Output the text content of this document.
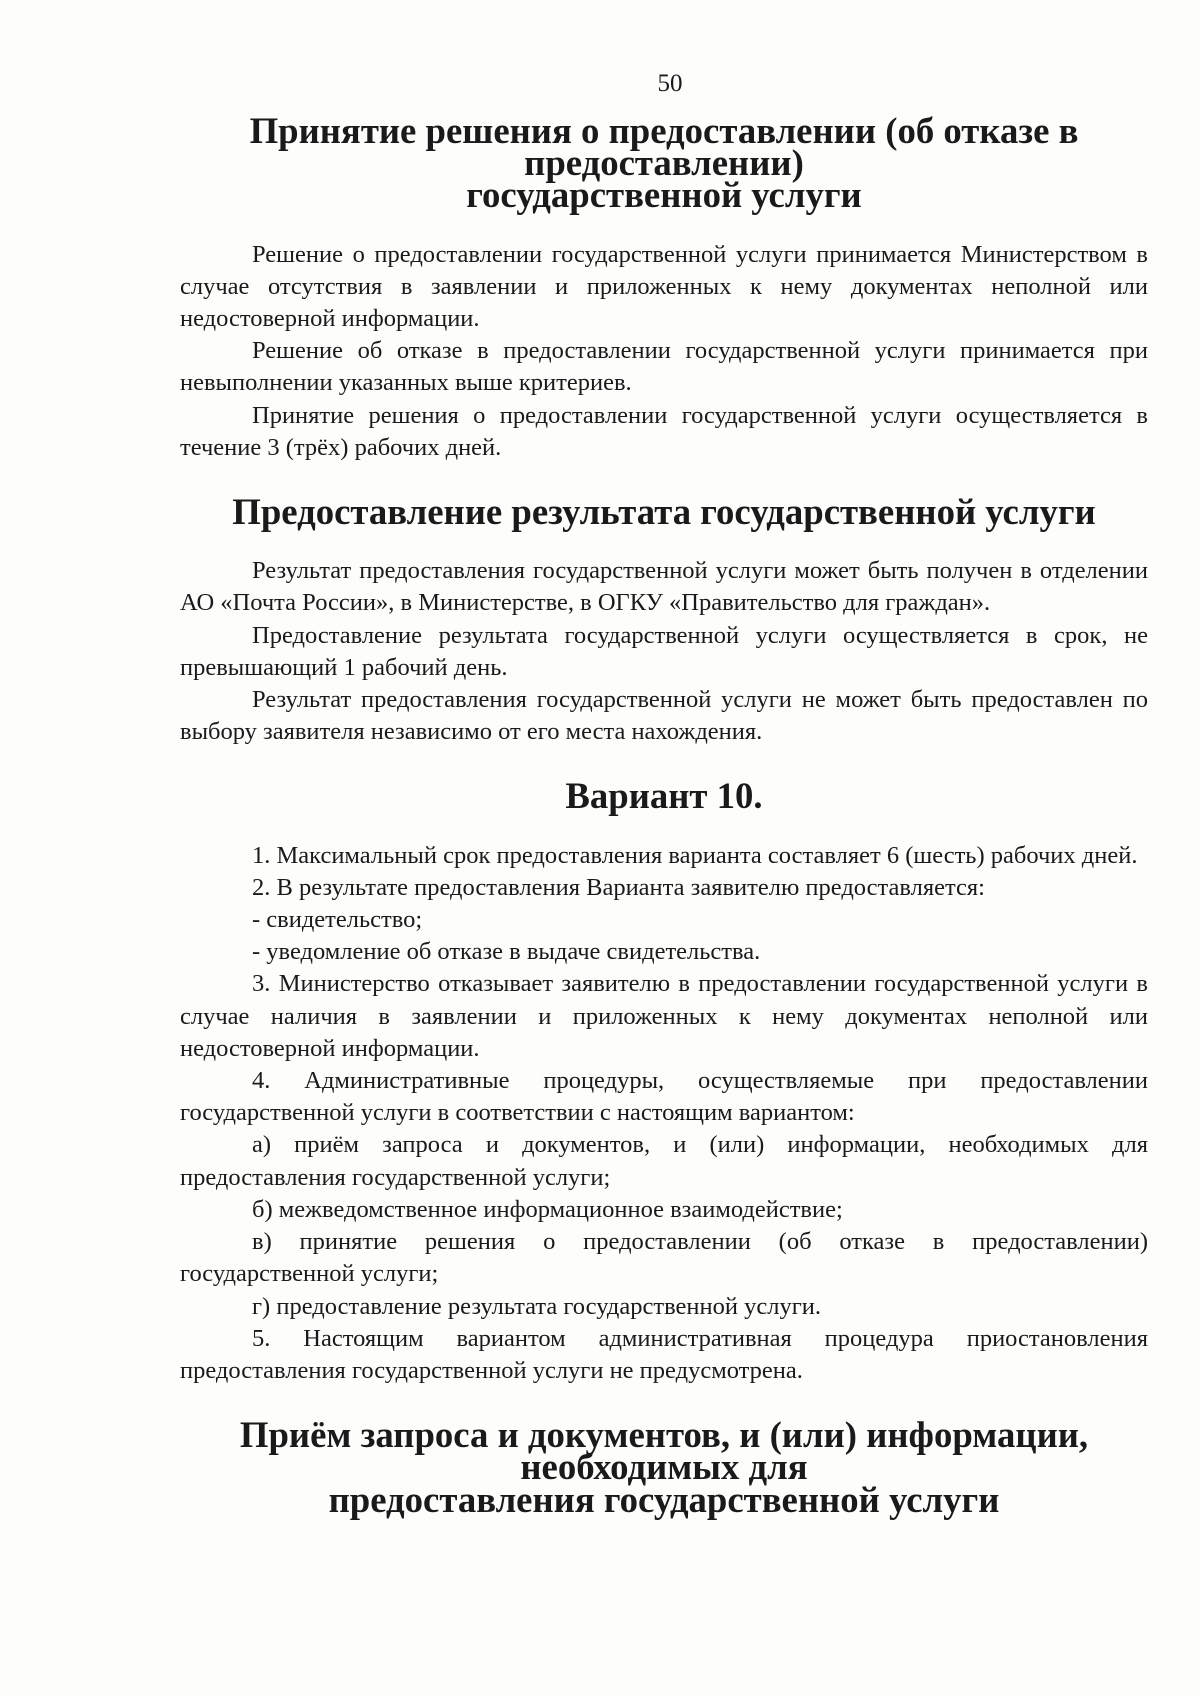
50
Принятие решения о предоставлении (об отказе в предоставлении)
государственной услуги

Решение о предоставлении государственной услуги принимается Министерством в случае отсутствия в заявлении и приложенных к нему документах неполной или недостоверной информации.

Решение об отказе в предоставлении государственной услуги принимается при невыполнении указанных выше критериев.

Принятие решения о предоставлении государственной услуги осуществляется в течение 3 (трёх) рабочих дней.

Предоставление результата государственной услуги

Результат предоставления государственной услуги может быть получен в отделении АО «Почта России», в Министерстве, в ОГКУ «Правительство для граждан».

Предоставление результата государственной услуги осуществляется в срок, не превышающий 1 рабочий день.

Результат предоставления государственной услуги не может быть предоставлен по выбору заявителя независимо от его места нахождения.

Вариант 10.

1. Максимальный срок предоставления варианта составляет 6 (шесть) рабочих дней.

2. В результате предоставления Варианта заявителю предоставляется:

- свидетельство;

- уведомление об отказе в выдаче свидетельства.

3. Министерство отказывает заявителю в предоставлении государственной услуги в случае наличия в заявлении и приложенных к нему документах неполной или недостоверной информации.

4. Административные процедуры, осуществляемые при предоставлении государственной услуги в соответствии с настоящим вариантом:

а) приём запроса и документов, и (или) информации, необходимых для предоставления государственной услуги;

б) межведомственное информационное взаимодействие;

в) принятие решения о предоставлении (об отказе в предоставлении) государственной услуги;

г) предоставление результата государственной услуги.

5. Настоящим вариантом административная процедура приостановления предоставления государственной услуги не предусмотрена.

Приём запроса и документов, и (или) информации, необходимых для
предоставления государственной услуги
